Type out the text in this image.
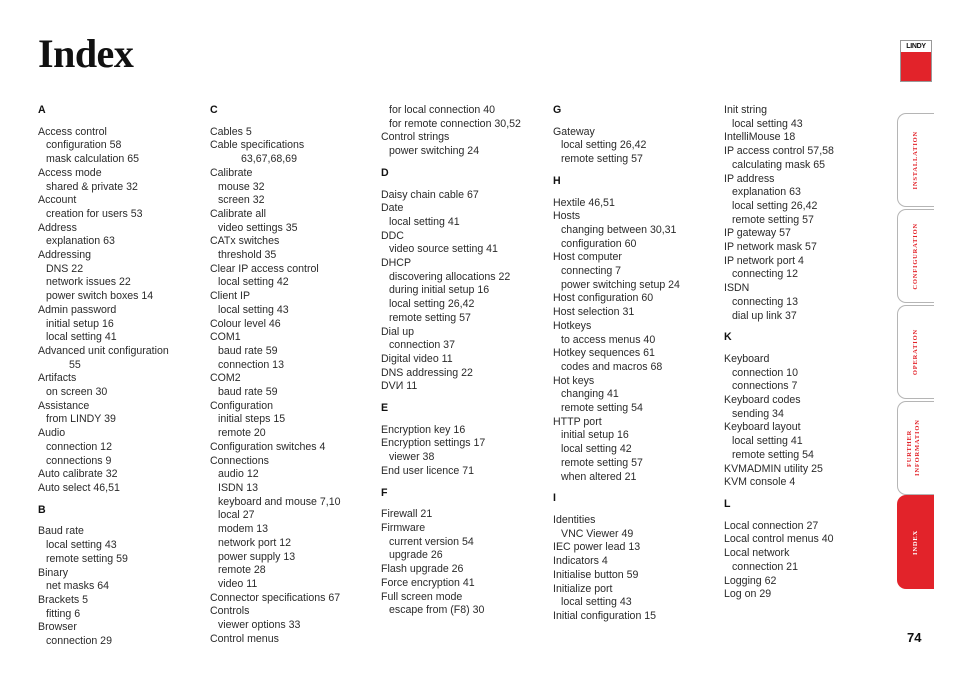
Index	LINDY
A
Access control
configuration 58
mask calculation 65
Access mode
shared & private 32
Account
creation for users 53
Address
explanation 63
Addressing
DNS 22
network issues 22
power switch boxes 14
Admin password
initial setup 16
local setting 41
Advanced unit configuration
55
Artifacts
on screen 30
Assistance
from LINDY 39
Audio
connection 12
connections 9
Auto calibrate 32
Auto select 46,51
B
Baud rate
local setting 43
remote setting 59
Binary
net masks 64
Brackets 5
fitting 6
Browser
connection 29
C
Cables 5
Cable specifications
63,67,68,69
Calibrate
mouse 32
screen 32
Calibrate all
video settings 35
CATx switches
threshold 35
Clear IP access control
local setting 42
Client IP
local setting 43
Colour level 46
COM1
baud rate 59
connection 13
COM2
baud rate 59
Configuration
initial steps 15
remote 20
Configuration switches 4
Connections
audio 12
ISDN 13
keyboard and mouse 7,10
local 27
modem 13
network port 12
power supply 13
remote 28
video 11
Connector specifications 67
Controls
viewer options 33
Control menus
for local connection 40
for remote connection 30,52
Control strings
power switching 24
D
Daisy chain cable 67
Date
local setting 41
DDC
video source setting 41
DHCP
discovering allocations 22
during initial setup 16
local setting 26,42
remote setting 57
Dial up
connection 37
Digital video 11
DNS addressing 22
DVИ 11
E
Encryption key 16
Encryption settings 17
viewer 38
End user licence 71
F
Firewall 21
Firmware
current version 54
upgrade 26
Flash upgrade 26
Force encryption 41
Full screen mode
escape from (F8) 30
G
Gateway
local setting 26,42
remote setting 57
H
Hextile 46,51
Hosts
changing between 30,31
configuration 60
Host computer
connecting 7
power switching setup 24
Host configuration 60
Host selection 31
Hotkeys
to access menus 40
Hotkey sequences 61
codes and macros 68
Hot keys
changing 41
remote setting 54
HTTP port
initial setup 16
local setting 42
remote setting 57
when altered 21
I
Identities
VNC Viewer 49
IEC power lead 13
Indicators 4
Initialise button 59
Initialize port
local setting 43
Initial configuration 15
Init string
local setting 43
IntelliMouse 18
IP access control 57,58
calculating mask 65
IP address
explanation 63
local setting 26,42
remote setting 57
IP gateway 57
IP network mask 57
IP network port 4
connecting 12
ISDN
connecting 13
dial up link 37
K
Keyboard
connection 10
connections 7
Keyboard codes
sending 34
Keyboard layout
local setting 41
remote setting 54
KVMADMIN utility 25
KVM console 4
L
Local connection 27
Local control menus 40
Local network
connection 21
Logging 62
Log on 29
INSTALLATION
CONFIGURATION
OPERATION
FURTHER INFORMATION
INDEX
74
